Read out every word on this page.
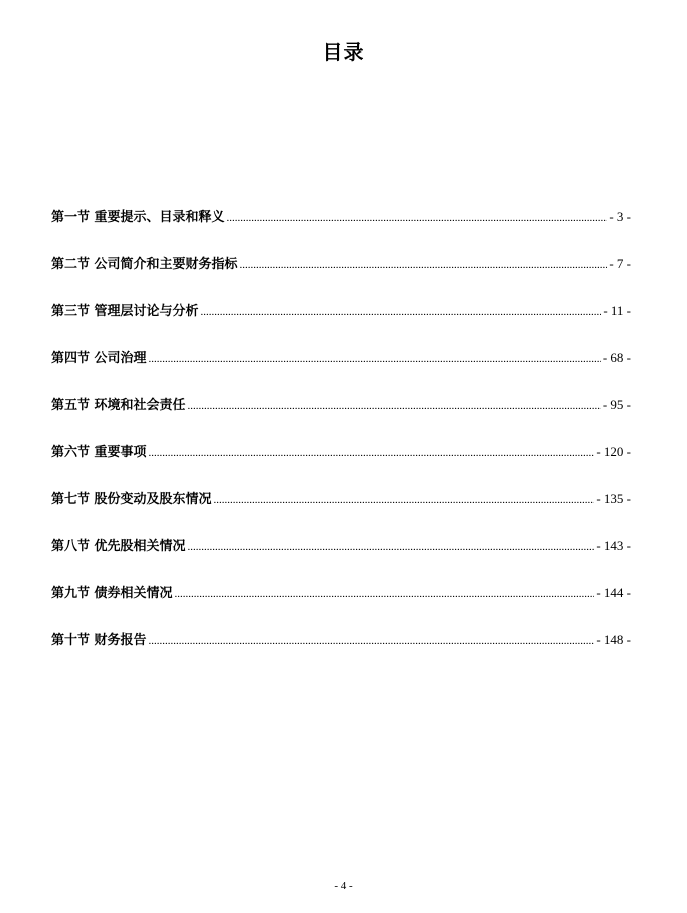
目录
第一节 重要提示、目录和释义 .....	- 3 -
第二节 公司简介和主要财务指标 .....	- 7 -
第三节 管理层讨论与分析 .....	- 11 -
第四节 公司治理 .....	- 68 -
第五节 环境和社会责任 .....	- 95 -
第六节 重要事项 .....	- 120 -
第七节 股份变动及股东情况 .....	- 135 -
第八节 优先股相关情况 .....	- 143 -
第九节 债券相关情况 .....	- 144 -
第十节 财务报告 .....	- 148 -
- 4 -
